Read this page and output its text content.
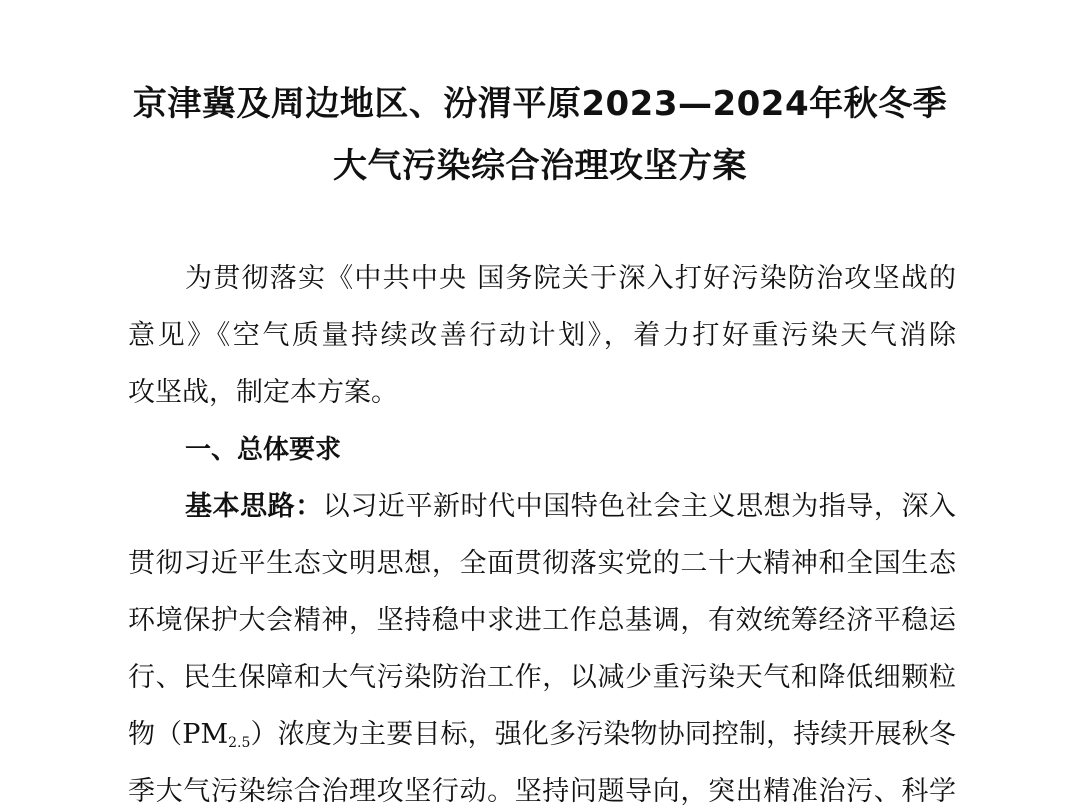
京津冀及周边地区、汾渭平原2023—2024年秋冬季
大气污染综合治理攻坚方案
为贯彻落实《中共中央 国务院关于深入打好污染防治攻坚战的
意见》《空气质量持续改善行动计划》，着力打好重污染天气消除
攻坚战，制定本方案。
一、总体要求
基本思路：以习近平新时代中国特色社会主义思想为指导，深入
贯彻习近平生态文明思想，全面贯彻落实党的二十大精神和全国生态
环境保护大会精神，坚持稳中求进工作总基调，有效统筹经济平稳运
行、民生保障和大气污染防治工作，以减少重污染天气和降低细颗粒
物$(PM_{2.5})$浓度为主要目标，强化多污染物协同控制，持续开展秋冬
季大气污染综合治理攻坚行动。坚持问题导向，突出精准治污、科学
